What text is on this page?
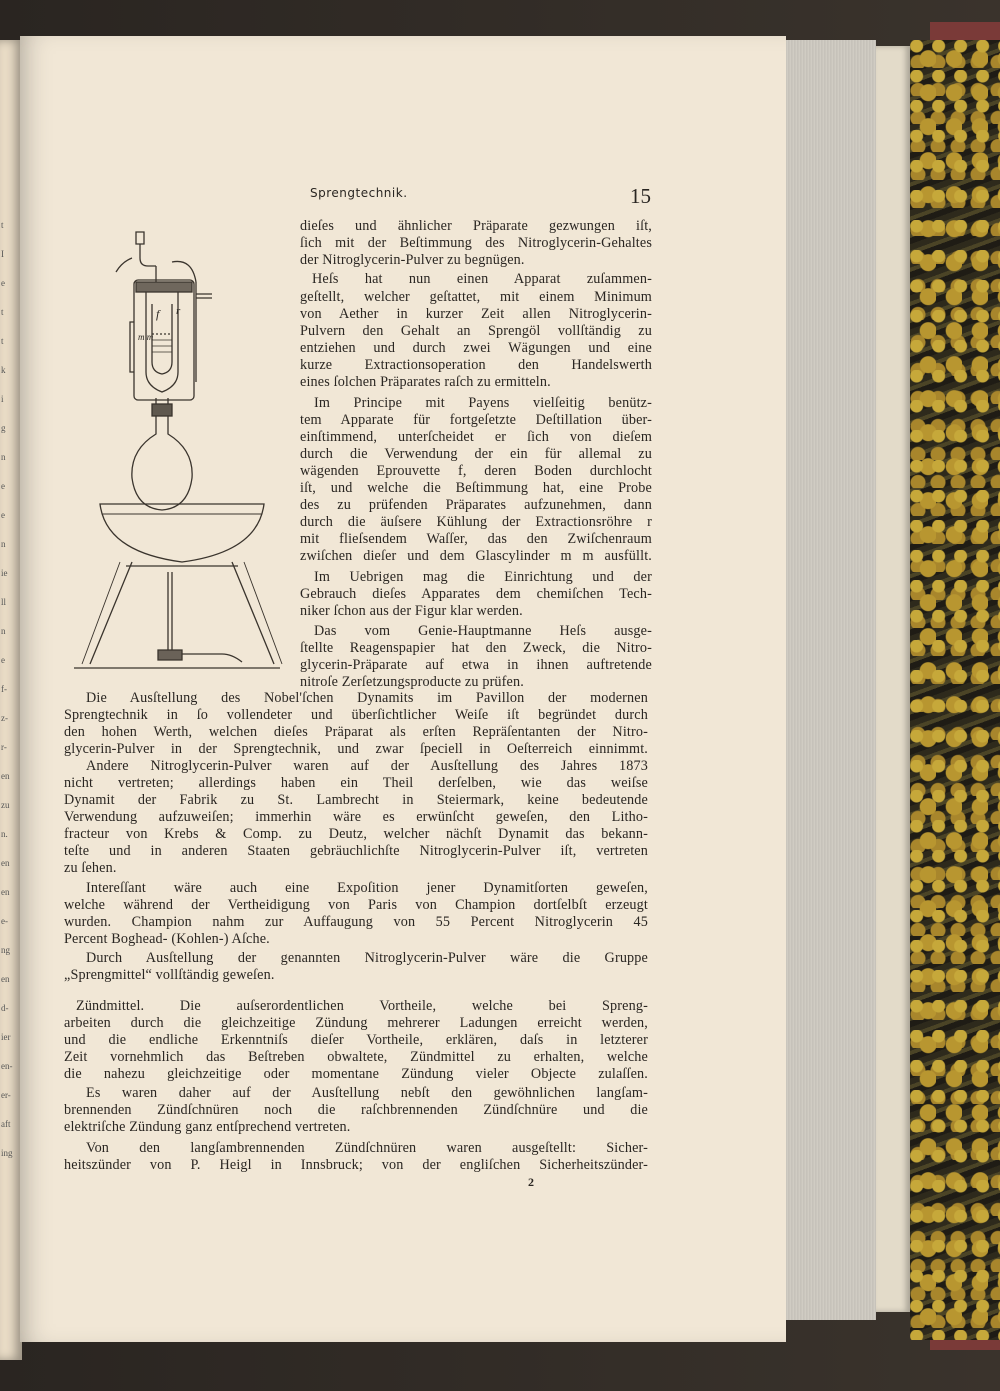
t
I
e
t
t
k
i
g
n
e
e
n
ie
ll
n
e
f-
z-
r-
en
zu
n.
en
en
e-
ng
en
d-
ier
en-
er-
aft
ing
Sprengtechnik.	15
f r
m m
dieſes und ähnlicher Präparate gezwungen iſt,
ſich mit der Beſtimmung des Nitroglycerin-Gehaltes
der Nitroglycerin-Pulver zu begnügen.
Heſs hat nun einen Apparat zuſammen-
geſtellt, welcher geſtattet, mit einem Minimum
von Aether in kurzer Zeit allen Nitroglycerin-
Pulvern den Gehalt an Sprengöl vollſtändig zu
entziehen und durch zwei Wägungen und eine
kurze Extractionsoperation den Handelswerth
eines ſolchen Präparates raſch zu ermitteln.
Im Principe mit Payens vielſeitig benütz-
tem Apparate für fortgeſetzte Deſtillation über-
einſtimmend, unterſcheidet er ſich von dieſem
durch die Verwendung der ein für allemal zu
wägenden Eprouvette f, deren Boden durchlocht
iſt, und welche die Beſtimmung hat, eine Probe
des zu prüfenden Präparates aufzunehmen, dann
durch die äuſsere Kühlung der Extractionsröhre r
mit flieſsendem Waſſer, das den Zwiſchenraum
zwiſchen dieſer und dem Glascylinder m m ausfüllt.
Im Uebrigen mag die Einrichtung und der
Gebrauch dieſes Apparates dem chemiſchen Tech-
niker ſchon aus der Figur klar werden.
Das vom Genie-Hauptmanne Heſs ausge-
ſtellte Reagenspapier hat den Zweck, die Nitro-
glycerin-Präparate auf etwa in ihnen auftretende
nitroſe Zerſetzungsproducte zu prüfen.
Die Ausſtellung des Nobel'ſchen Dynamits im Pavillon der modernen
Sprengtechnik in ſo vollendeter und überſichtlicher Weiſe iſt begründet durch
den hohen Werth, welchen dieſes Präparat als erſten Repräſentanten der Nitro-
glycerin-Pulver in der Sprengtechnik, und zwar ſpeciell in Oeſterreich einnimmt.
Andere Nitroglycerin-Pulver waren auf der Ausſtellung des Jahres 1873
nicht vertreten; allerdings haben ein Theil derſelben, wie das weiſse
Dynamit der Fabrik zu St. Lambrecht in Steiermark, keine bedeutende
Verwendung aufzuweiſen; immerhin wäre es erwünſcht geweſen, den Litho-
fracteur von Krebs & Comp. zu Deutz, welcher nächſt Dynamit das bekann-
teſte und in anderen Staaten gebräuchlichſte Nitroglycerin-Pulver iſt, vertreten
zu ſehen.
Intereſſant wäre auch eine Expoſition jener Dynamitſorten geweſen,
welche während der Vertheidigung von Paris von Champion dortſelbſt erzeugt
wurden. Champion nahm zur Auffaugung von 55 Percent Nitroglycerin 45
Percent Boghead- (Kohlen-) Aſche.
Durch Ausſtellung der genannten Nitroglycerin-Pulver wäre die Gruppe
„Sprengmittel“ vollſtändig geweſen.
Zündmittel. Die auſserordentlichen Vortheile, welche bei Spreng-
arbeiten durch die gleichzeitige Zündung mehrerer Ladungen erreicht werden,
und die endliche Erkenntniſs dieſer Vortheile, erklären, daſs in letzterer
Zeit vornehmlich das Beſtreben obwaltete, Zündmittel zu erhalten, welche
die nahezu gleichzeitige oder momentane Zündung vieler Objecte zulaſſen.
Es waren daher auf der Ausſtellung nebſt den gewöhnlichen langſam-
brennenden Zündſchnüren noch die raſchbrennenden Zündſchnüre und die
elektriſche Zündung ganz entſprechend vertreten.
Von den langſambrennenden Zündſchnüren waren ausgeſtellt: Sicher-
heitszünder von P. Heigl in Innsbruck; von der engliſchen Sicherheitszünder-
2
